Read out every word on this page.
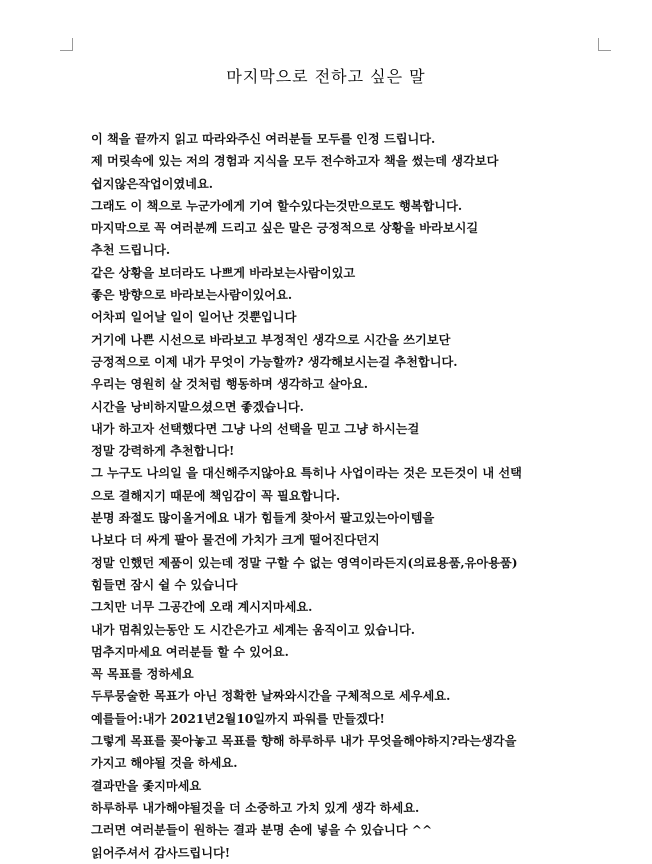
마지막으로 전하고 싶은 말
이 책을 끝까지 읽고 따라와주신 여러분들 모두를 인정 드립니다.
제 머릿속에 있는 저의 경험과 지식을 모두 전수하고자 책을 썼는데 생각보다
쉽지않은작업이였네요.
그래도 이 책으로 누군가에게 기여 할수있다는것만으로도 행복합니다.
마지막으로 꼭 여러분께 드리고 싶은 말은 긍정적으로 상황을 바라보시길
추천 드립니다.
같은 상황을 보더라도 나쁘게 바라보는사람이있고
좋은 방향으로 바라보는사람이있어요.
어차피 일어날 일이 일어난 것뿐입니다
거기에 나쁜 시선으로 바라보고 부정적인 생각으로 시간을 쓰기보단
긍정적으로 이제 내가 무엇이 가능할까? 생각해보시는걸 추천합니다.
우리는 영원히 살 것처럼 행동하며 생각하고 살아요.
시간을 낭비하지말으셨으면 좋겠습니다.
내가 하고자 선택했다면 그냥 나의 선택을 믿고 그냥 하시는걸
정말 강력하게 추천합니다!
그 누구도 나의일 을 대신해주지않아요 특히나 사업이라는 것은 모든것이 내 선택
으로 결해지기 때문에 책임감이 꼭 필요합니다.
분명 좌절도 많이올거에요 내가 힘들게 찾아서 팔고있는아이템을
나보다 더 싸게 팔아 물건에 가치가 크게 떨어진다던지
정말 인했던 제품이 있는데 정말 구할 수 없는 영역이라든지(의료용품,유아용품)
힘들면 잠시 쉴 수 있습니다
그치만 너무 그공간에 오래 계시지마세요.
내가 멈춰있는동안 도 시간은가고 세계는 움직이고 있습니다.
멈추지마세요 여러분들 할 수 있어요.
꼭 목표를 정하세요
두루뭉술한 목표가 아닌 정확한 날짜와시간을 구체적으로 세우세요.
예를들어:내가 2021년2월10일까지 파워를 만들겠다!
그렇게 목표를 꽂아놓고 목표를 향해 하루하루 내가 무엇을해야하지?라는생각을
가지고 해야될 것을 하세요.
결과만을 좇지마세요
하루하루 내가해야될것을 더 소중하고 가치 있게 생각 하세요.
그러면 여러분들이 원하는 결과 분명 손에 넣을 수 있습니다 ^^
읽어주셔서 감사드립니다!
